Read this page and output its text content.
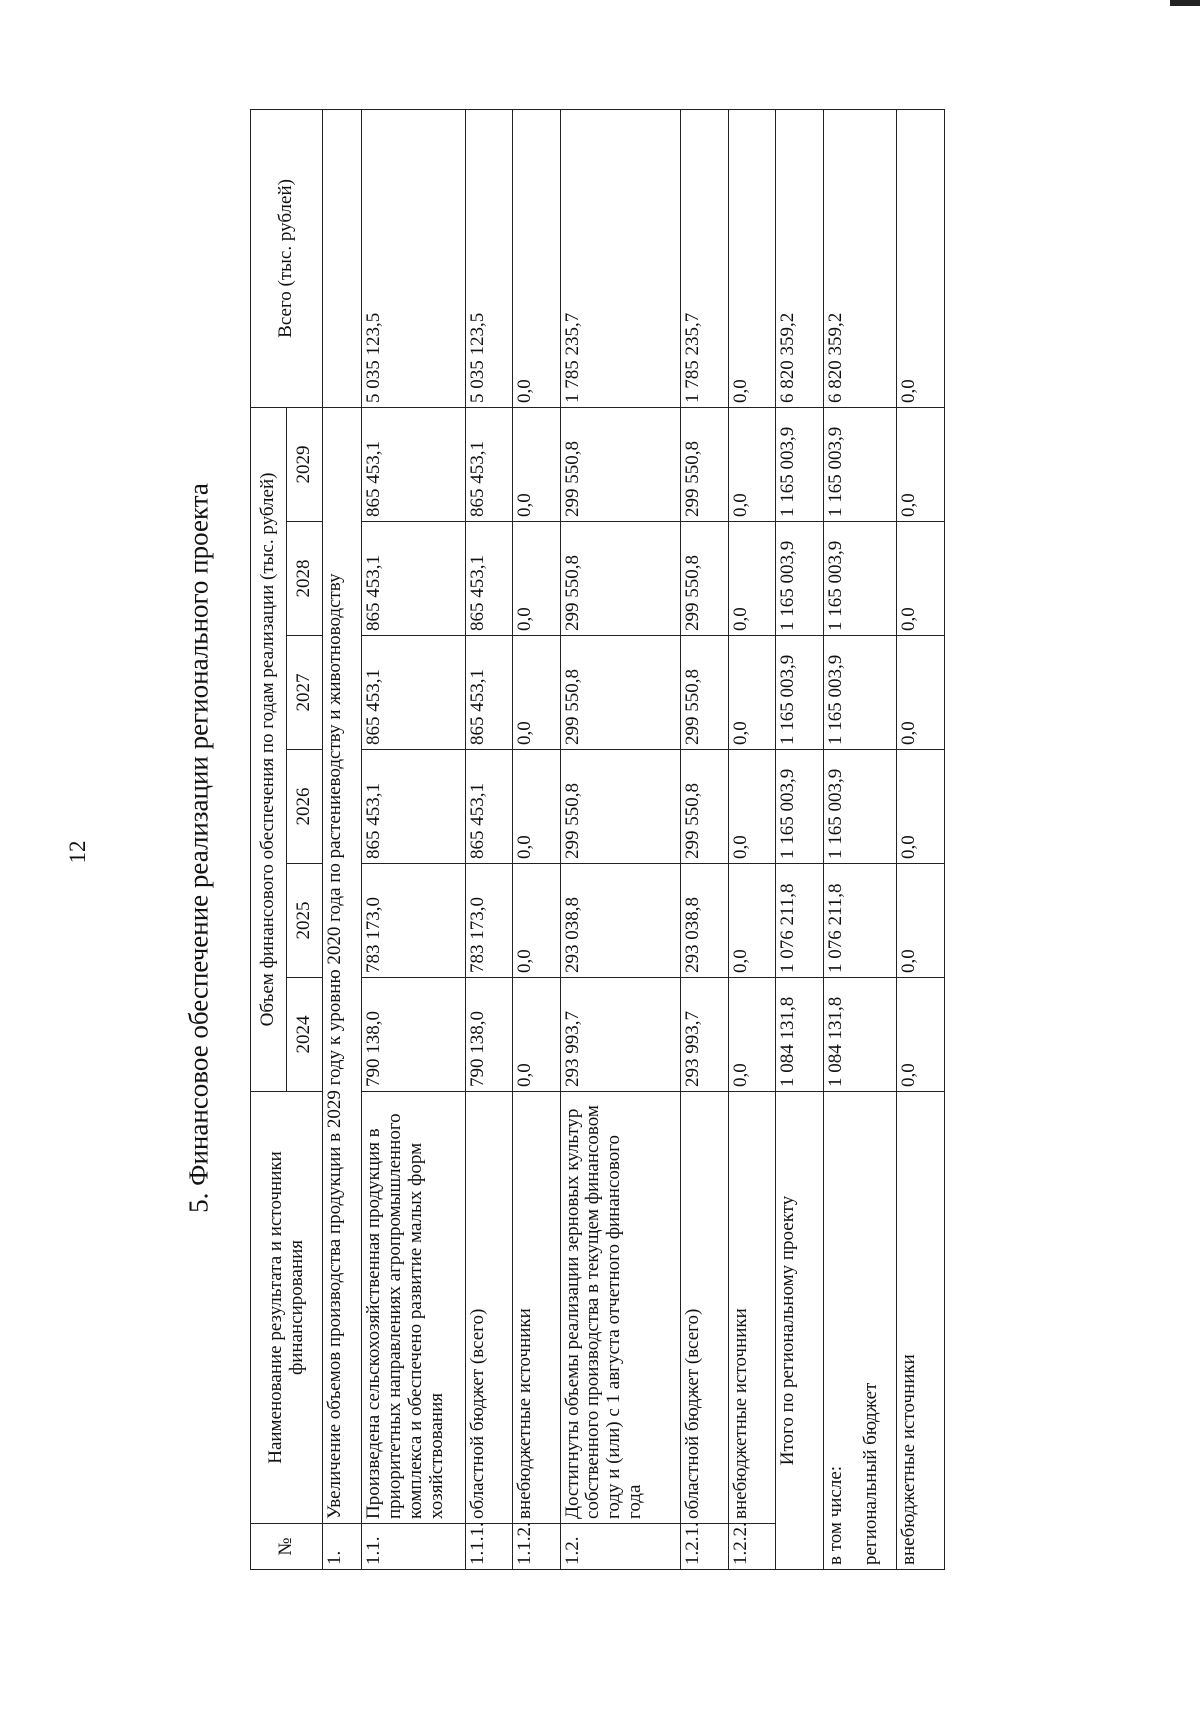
12	5. Финансовое обеспечение реализации регионального проекта
№	Наименование результата и источники финансирования	Объем финансового обеспечения по годам реализации (тыс. рублей)						Всего (тыс. рублей)
		2024	2025	2026	2027	2028	2029	
1.	Увеличение объемов производства продукции в 2029 году к уровню 2020 года по растениеводству и животноводству							
1.1.	Произведена сельскохозяйственная продукция в приоритетных направлениях агропромышленного комплекса и обеспечено развитие малых форм хозяйствования	790 138,0	783 173,0	865 453,1	865 453,1	865 453,1	865 453,1	5 035 123,5
1.1.1.	областной бюджет (всего)	790 138,0	783 173,0	865 453,1	865 453,1	865 453,1	865 453,1	5 035 123,5
1.1.2.	внебюджетные источники	0,0	0,0	0,0	0,0	0,0	0,0	0,0
1.2.	Достигнуты объемы реализации зерновых культур собственного производства в текущем финансовом году и (или) с 1 августа отчетного финансового года	293 993,7	293 038,8	299 550,8	299 550,8	299 550,8	299 550,8	1 785 235,7
1.2.1.	областной бюджет (всего)	293 993,7	293 038,8	299 550,8	299 550,8	299 550,8	299 550,8	1 785 235,7
1.2.2.	внебюджетные источники	0,0	0,0	0,0	0,0	0,0	0,0	0,0
Итого по региональному проекту		1 084 131,8	1 076 211,8	1 165 003,9	1 165 003,9	1 165 003,9	1 165 003,9	6 820 359,2

в том числе: региональный бюджет		1 084 131,8	1 076 211,8	1 165 003,9	1 165 003,9	1 165 003,9	1 165 003,9	6 820 359,2
внебюджетные источники		0,0	0,0	0,0	0,0	0,0	0,0	0,0
